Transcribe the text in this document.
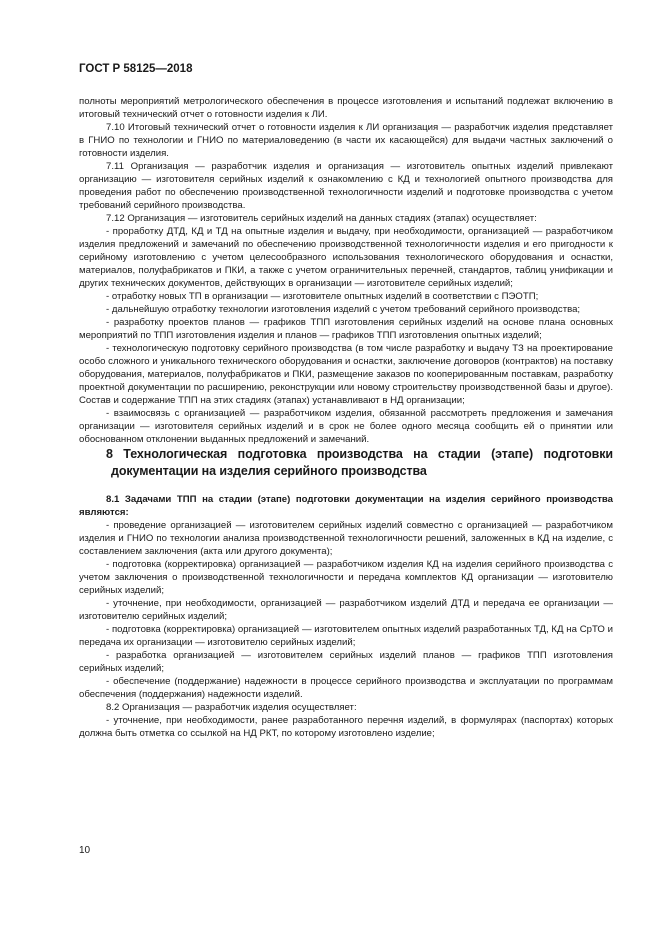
ГОСТ Р 58125—2018

полноты мероприятий метрологического обеспечения в процессе изготовления и испытаний подлежат включению в итоговый технический отчет о готовности изделия к ЛИ.

7.10 Итоговый технический отчет о готовности изделия к ЛИ организация — разработчик изделия представляет в ГНИО по технологии и ГНИО по материаловедению (в части их касающейся) для выдачи частных заключений о готовности изделия.

7.11 Организация — разработчик изделия и организация — изготовитель опытных изделий привлекают организацию — изготовителя серийных изделий к ознакомлению с КД и технологией опытного производства для проведения работ по обеспечению производственной технологичности изделий и подготовке производства с учетом требований серийного производства.

7.12 Организация — изготовитель серийных изделий на данных стадиях (этапах) осуществляет:

- проработку ДТД, КД и ТД на опытные изделия и выдачу, при необходимости, организацией — разработчиком изделия предложений и замечаний по обеспечению производственной технологичности изделия и его пригодности к серийному изготовлению с учетом целесообразного использования технологического оборудования и оснастки, материалов, полуфабрикатов и ПКИ, а также с учетом ограничительных перечней, стандартов, таблиц унификации и других технических документов, действующих в организации — изготовителе серийных изделий;

- отработку новых ТП в организации — изготовителе опытных изделий в соответствии с ПЭОТП;

- дальнейшую отработку технологии изготовления изделий с учетом требований серийного производства;

- разработку проектов планов — графиков ТПП изготовления серийных изделий на основе плана основных мероприятий по ТПП изготовления изделия и планов — графиков ТПП изготовления опытных изделий;

- технологическую подготовку серийного производства (в том числе разработку и выдачу ТЗ на проектирование особо сложного и уникального технического оборудования и оснастки, заключение договоров (контрактов) на поставку оборудования, материалов, полуфабрикатов и ПКИ, размещение заказов по кооперированным поставкам, разработку проектной документации по расширению, реконструкции или новому строительству производственной базы и другое). Состав и содержание ТПП на этих стадиях (этапах) устанавливают в НД организации;

- взаимосвязь с организацией — разработчиком изделия, обязанной рассмотреть предложения и замечания организации — изготовителя серийных изделий и в срок не более одного месяца сообщить ей о принятии или обоснованном отклонении выданных предложений и замечаний.

8 Технологическая подготовка производства на стадии (этапе) подготовки документации на изделия серийного производства

8.1 Задачами ТПП на стадии (этапе) подготовки документации на изделия серийного производства являются:

- проведение организацией — изготовителем серийных изделий совместно с организацией — разработчиком изделия и ГНИО по технологии анализа производственной технологичности решений, заложенных в КД на изделие, с составлением заключения (акта или другого документа);

- подготовка (корректировка) организацией — разработчиком изделия КД на изделия серийного производства с учетом заключения о производственной технологичности и передача комплектов КД организации — изготовителю серийных изделий;

- уточнение, при необходимости, организацией — разработчиком изделий ДТД и передача ее организации — изготовителю серийных изделий;

- подготовка (корректировка) организацией — изготовителем опытных изделий разработанных ТД, КД на СрТО и передача их организации — изготовителю серийных изделий;

- разработка организацией — изготовителем серийных изделий планов — графиков ТПП изготовления серийных изделий;

- обеспечение (поддержание) надежности в процессе серийного производства и эксплуатации по программам обеспечения (поддержания) надежности изделий.

8.2 Организация — разработчик изделия осуществляет:

- уточнение, при необходимости, ранее разработанного перечня изделий, в формулярах (паспортах) которых должна быть отметка со ссылкой на НД РКТ, по которому изготовлено изделие;

10
